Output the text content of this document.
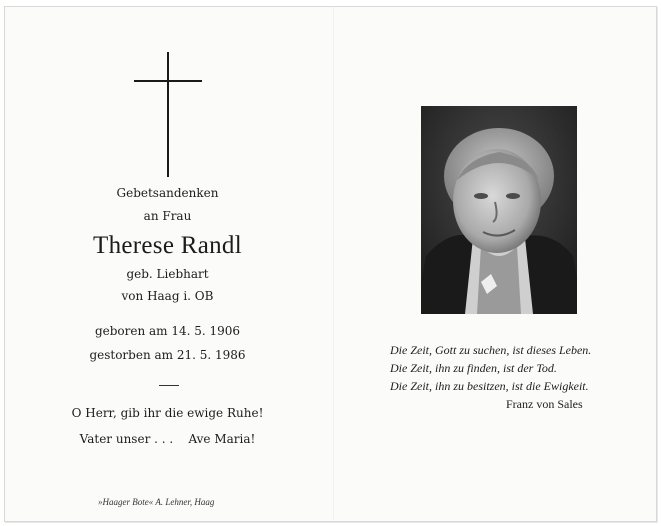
Gebetsandenken
an Frau
Therese Randl
geb. Liebhart
von Haag i. OB
geboren am 14. 5. 1906
gestorben am 21. 5. 1986
O Herr, gib ihr die ewige Ruhe!
Vater unser . . .    Ave Maria!
»Haager Bote« A. Lehner, Haag
Die Zeit, Gott zu suchen, ist dieses Leben.
Die Zeit, ihn zu finden, ist der Tod.
Die Zeit, ihn zu besitzen, ist die Ewigkeit.
Franz von Sales
